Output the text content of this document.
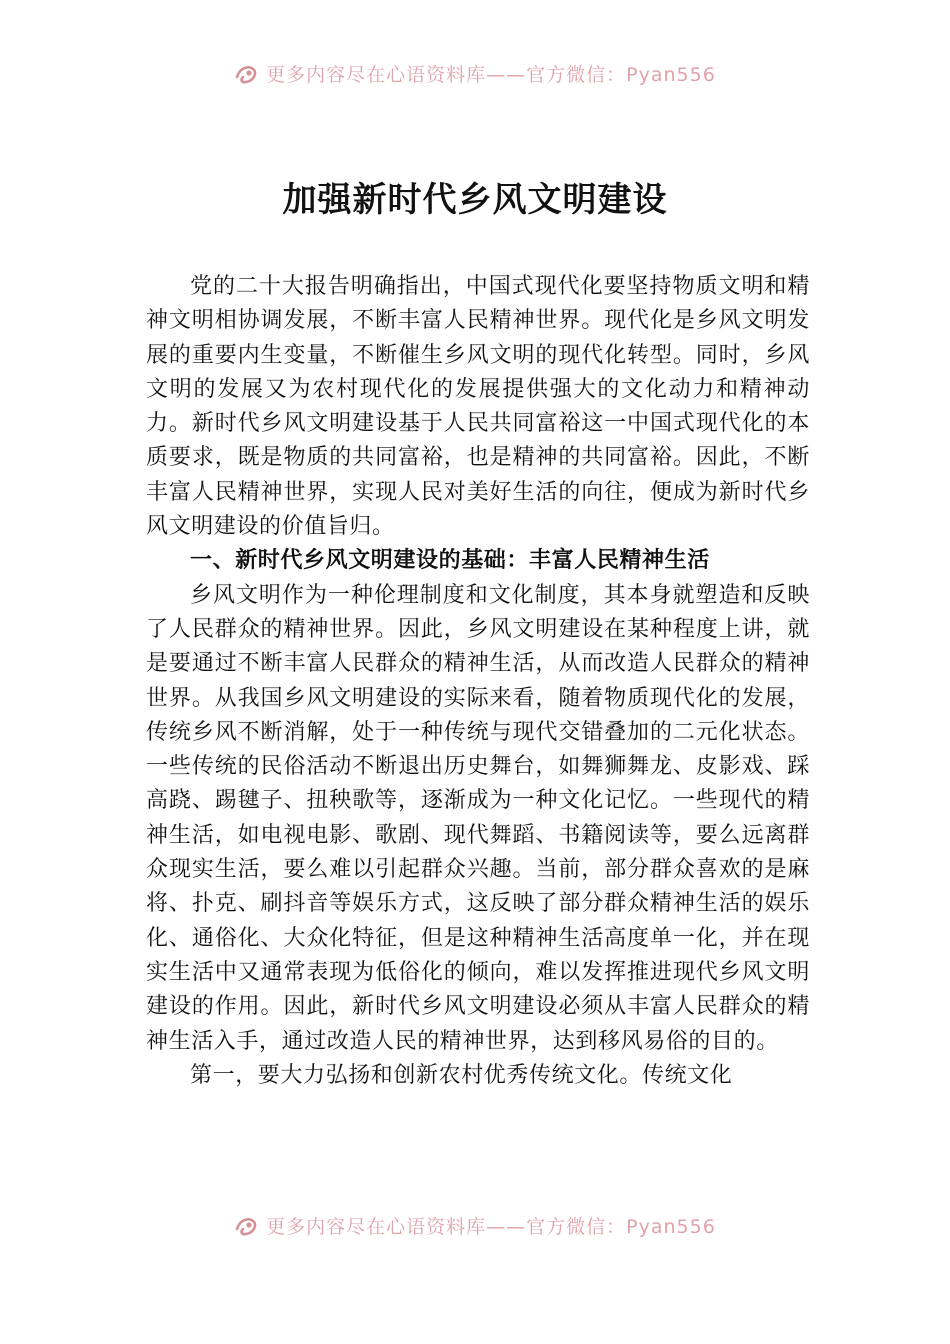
更多内容尽在心语资料库——官方微信：Pyan556
加强新时代乡风文明建设

党的二十大报告明确指出，中国式现代化要坚持物质文明和精神文明相协调发展，不断丰富人民精神世界。现代化是乡风文明发展的重要内生变量，不断催生乡风文明的现代化转型。同时，乡风文明的发展又为农村现代化的发展提供强大的文化动力和精神动力。新时代乡风文明建设基于人民共同富裕这一中国式现代化的本质要求，既是物质的共同富裕，也是精神的共同富裕。因此，不断丰富人民精神世界，实现人民对美好生活的向往，便成为新时代乡风文明建设的价值旨归。

一、新时代乡风文明建设的基础：丰富人民精神生活

乡风文明作为一种伦理制度和文化制度，其本身就塑造和反映了人民群众的精神世界。因此，乡风文明建设在某种程度上讲，就是要通过不断丰富人民群众的精神生活，从而改造人民群众的精神世界。从我国乡风文明建设的实际来看，随着物质现代化的发展，传统乡风不断消解，处于一种传统与现代交错叠加的二元化状态。一些传统的民俗活动不断退出历史舞台，如舞狮舞龙、皮影戏、踩高跷、踢毽子、扭秧歌等，逐渐成为一种文化记忆。一些现代的精神生活，如电视电影、歌剧、现代舞蹈、书籍阅读等，要么远离群众现实生活，要么难以引起群众兴趣。当前，部分群众喜欢的是麻将、扑克、刷抖音等娱乐方式，这反映了部分群众精神生活的娱乐化、通俗化、大众化特征，但是这种精神生活高度单一化，并在现实生活中又通常表现为低俗化的倾向，难以发挥推进现代乡风文明建设的作用。因此，新时代乡风文明建设必须从丰富人民群众的精神生活入手，通过改造人民的精神世界，达到移风易俗的目的。

第一，要大力弘扬和创新农村优秀传统文化。传统文化

更多内容尽在心语资料库——官方微信：Pyan556
